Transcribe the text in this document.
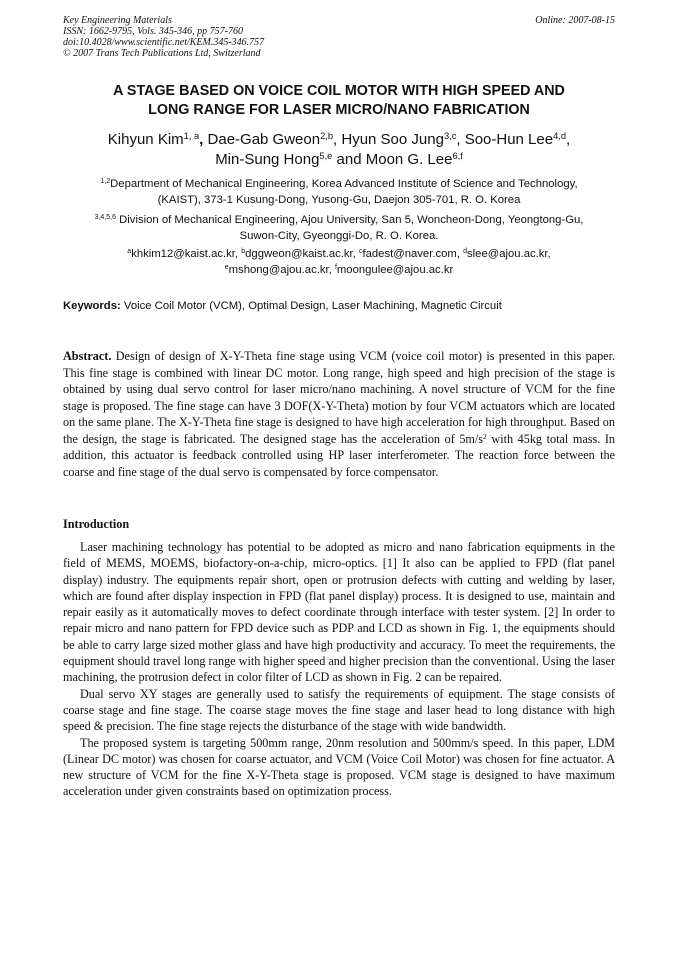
Key Engineering Materials
ISSN: 1662-9795, Vols. 345-346, pp 757-760
doi:10.4028/www.scientific.net/KEM.345-346.757
© 2007 Trans Tech Publications Ltd, Switzerland
Online: 2007-08-15
A STAGE BASED ON VOICE COIL MOTOR WITH HIGH SPEED AND
LONG RANGE FOR LASER MICRO/NANO FABRICATION
Kihyun Kim$^{1, a}$, Dae-Gab Gweon$^{2,b}$, Hyun Soo Jung$^{3,c}$, Soo-Hun Lee$^{4,d}$,
Min-Sung Hong$^{5,e}$ and Moon G. Lee$^{6,f}$
$^{1,2}$Department of Mechanical Engineering, Korea Advanced Institute of Science and Technology,
(KAIST), 373-1 Kusung-Dong, Yusong-Gu, Daejon 305-701, R. O. Korea
$^{3,4,5,6}$ Division of Mechanical Engineering, Ajou University, San 5, Woncheon-Dong, Yeongtong-Gu,
Suwon-City, Gyeonggi-Do, R. O. Korea.
$^a$khkim12@kaist.ac.kr, $^b$dggweon@kaist.ac.kr, $^c$fadest@naver.com, $^d$slee@ajou.ac.kr,
$^e$mshong@ajou.ac.kr, $^f$moongulee@ajou.ac.kr
Keywords: Voice Coil Motor (VCM), Optimal Design, Laser Machining, Magnetic Circuit
Abstract. Design of design of X-Y-Theta fine stage using VCM (voice coil motor) is presented in this paper. This fine stage is combined with linear DC motor. Long range, high speed and high precision of the stage is obtained by using dual servo control for laser micro/nano machining. A novel structure of VCM for the fine stage is proposed. The fine stage can have 3 DOF(X-Y-Theta) motion by four VCM actuators which are located on the same plane. The X-Y-Theta fine stage is designed to have high acceleration for high throughput. Based on the design, the stage is fabricated. The designed stage has the acceleration of $5m/s^2$ with 45kg total mass. In addition, this actuator is feedback controlled using HP laser interferometer. The reaction force between the coarse and fine stage of the dual servo is compensated by force compensator.
Introduction

Laser machining technology has potential to be adopted as micro and nano fabrication equipments in the field of MEMS, MOEMS, biofactory-on-a-chip, micro-optics. [1] It also can be applied to FPD (flat panel display) industry. The equipments repair short, open or protrusion defects with cutting and welding by laser, which are found after display inspection in FPD (flat panel display) process. It is designed to use, maintain and repair easily as it automatically moves to defect coordinate through interface with tester system. [2] In order to repair micro and nano pattern for FPD device such as PDP and LCD as shown in Fig. 1, the equipments should be able to carry large sized mother glass and have high productivity and accuracy. To meet the requirements, the equipment should travel long range with higher speed and higher precision than the conventional. Using the laser machining, the protrusion defect in color filter of LCD as shown in Fig. 2 can be repaired.

Dual servo XY stages are generally used to satisfy the requirements of equipment. The stage consists of coarse stage and fine stage. The coarse stage moves the fine stage and laser head to long distance with high speed & precision. The fine stage rejects the disturbance of the stage with wide bandwidth.

The proposed system is targeting 500mm range, 20nm resolution and 500mm/s speed. In this paper, LDM (Linear DC motor) was chosen for coarse actuator, and VCM (Voice Coil Motor) was chosen for fine actuator. A new structure of VCM for the fine X-Y-Theta stage is proposed. VCM stage is designed to have maximum acceleration under given constraints based on optimization process.
